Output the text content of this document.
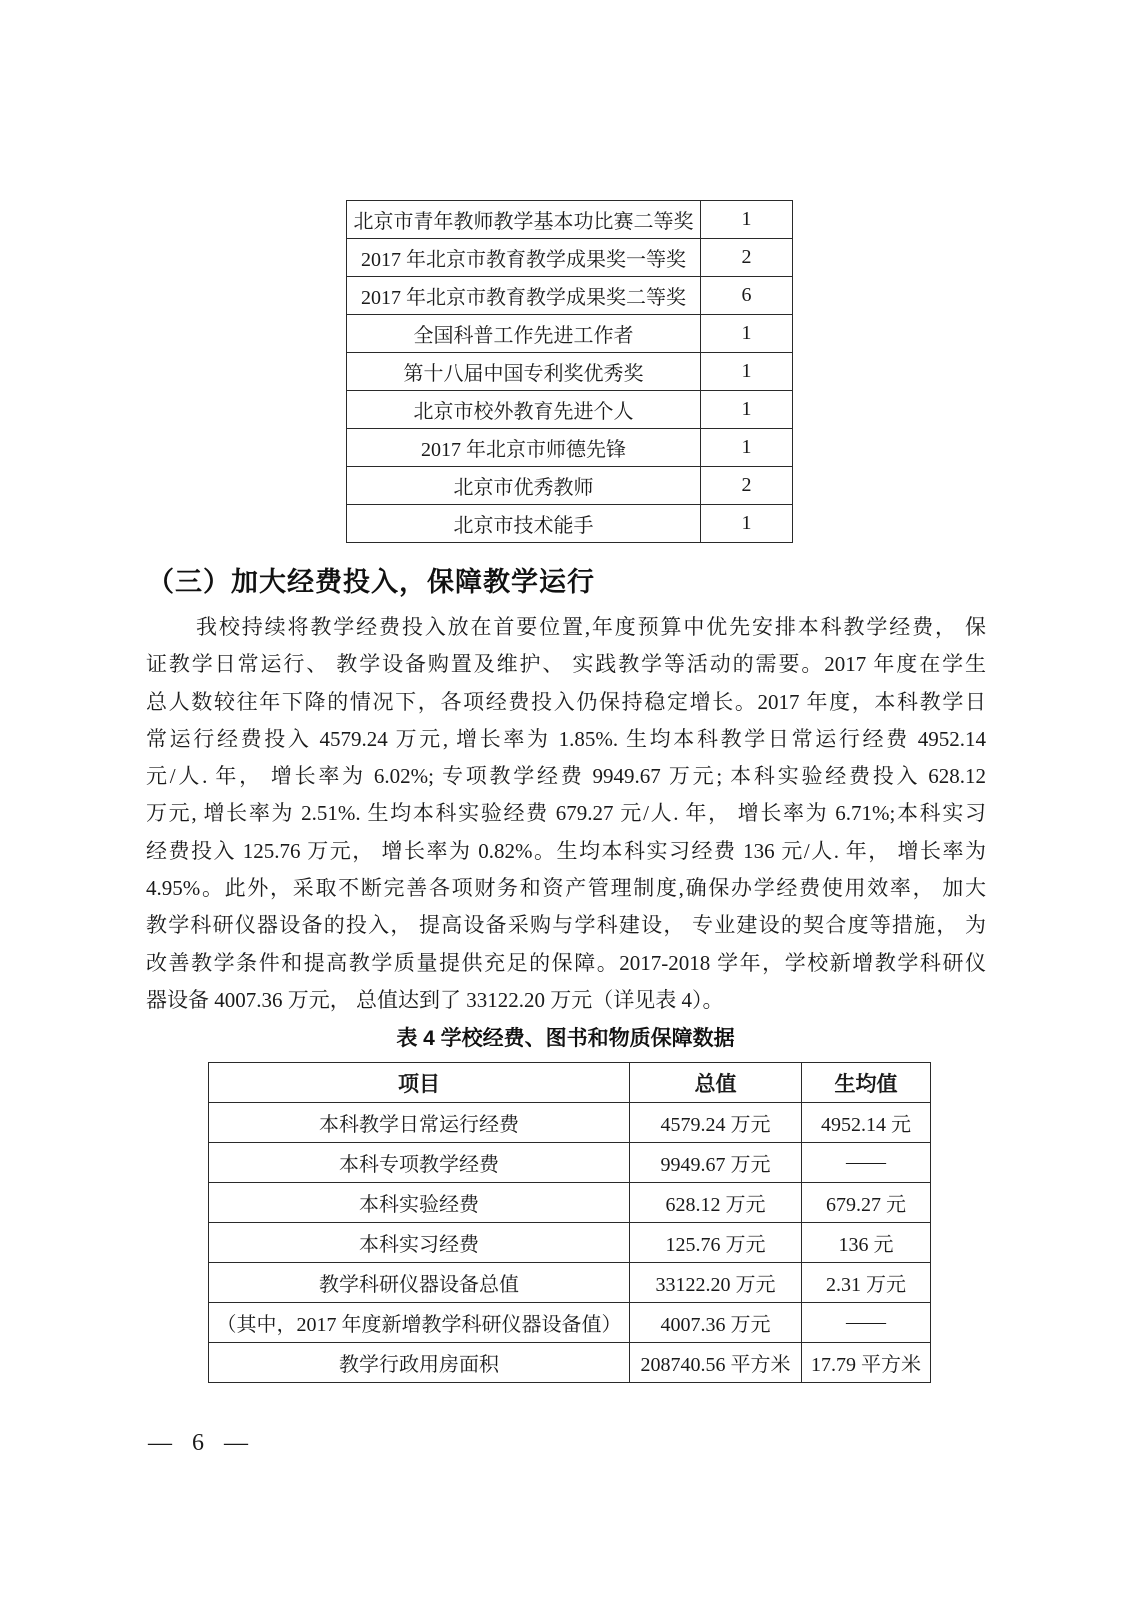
北京市青年教师教学基本功比赛二等奖	1
2017 年北京市教育教学成果奖一等奖	2
2017 年北京市教育教学成果奖二等奖	6
全国科普工作先进工作者	1
第十八届中国专利奖优秀奖	1
北京市校外教育先进个人	1
2017 年北京市师德先锋	1
北京市优秀教师	2
北京市技术能手	1
（三）加大经费投入，保障教学运行
我校持续将教学经费投入放在首要位置,年度预算中优先安排本科教学经费， 保
证教学日常运行、 教学设备购置及维护、 实践教学等活动的需要。2017 年度在学生
总人数较往年下降的情况下，各项经费投入仍保持稳定增长。2017 年度，本科教学日
常运行经费投入 4579.24 万元, 增长率为 1.85%. 生均本科教学日常运行经费 4952.14
元/人. 年， 增长率为 6.02%; 专项教学经费 9949.67 万元; 本科实验经费投入 628.12
万元, 增长率为 2.51%. 生均本科实验经费 679.27 元/人. 年， 增长率为 6.71%;本科实习
经费投入 125.76 万元， 增长率为 0.82%。生均本科实习经费 136 元/人. 年， 增长率为
4.95%。此外，采取不断完善各项财务和资产管理制度,确保办学经费使用效率， 加大
教学科研仪器设备的投入， 提高设备采购与学科建设， 专业建设的契合度等措施， 为
改善教学条件和提高教学质量提供充足的保障。2017-2018 学年，学校新增教学科研仪
器设备 4007.36 万元， 总值达到了 33122.20 万元（详见表 4）。
表 4 学校经费、图书和物质保障数据
项目	总值	生均值
本科教学日常运行经费	4579.24 万元	4952.14 元
本科专项教学经费	9949.67 万元	——
本科实验经费	628.12 万元	679.27 元
本科实习经费	125.76 万元	136 元
教学科研仪器设备总值	33122.20 万元	2.31 万元
（其中，2017 年度新增教学科研仪器设备值）	4007.36 万元	——
教学行政用房面积	208740.56 平方米	17.79 平方米
— 6 —
